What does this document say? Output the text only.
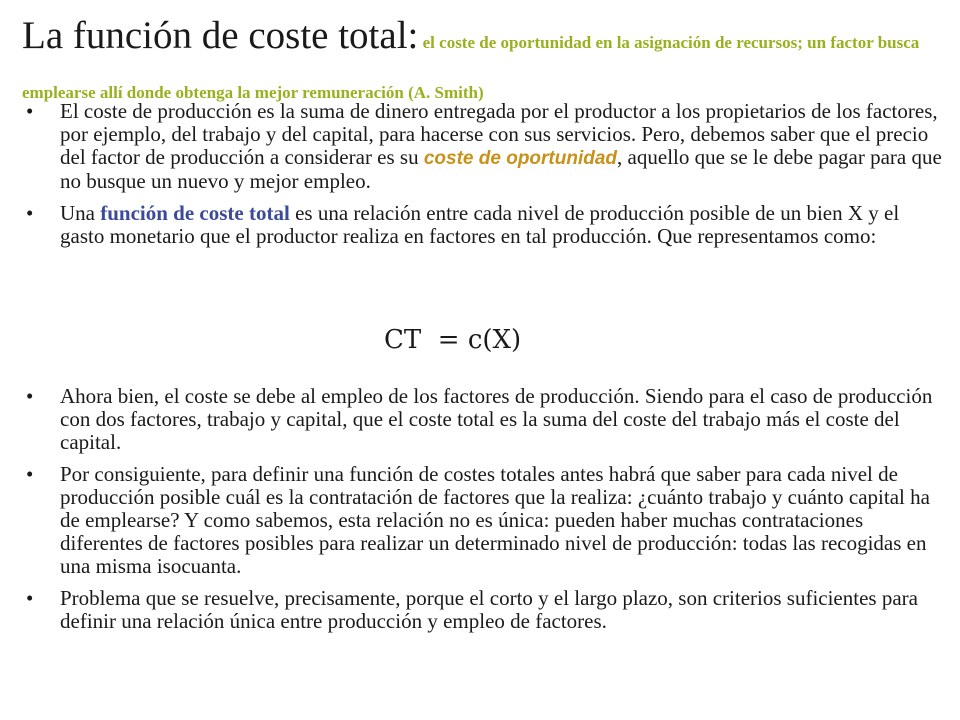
La función de coste total: el coste de oportunidad en la asignación de recursos; un factor busca emplearse allí donde obtenga la mejor remuneración (A. Smith)
• El coste de producción es la suma de dinero entregada por el productor a los propietarios de los factores, por ejemplo, del trabajo y del capital, para hacerse con sus servicios. Pero, debemos saber que el precio del factor de producción a considerar es su coste de oportunidad, aquello que se le debe pagar para que no busque un nuevo y mejor empleo.
• Una función de coste total es una relación entre cada nivel de producción posible de un bien X y el gasto monetario que el productor realiza en factores en tal producción. Que representamos como:
CT  = c(X)
• Ahora bien, el coste se debe al empleo de los factores de producción. Siendo para el caso de producción con dos factores, trabajo y capital, que el coste total es la suma del coste del trabajo más el coste del capital.
• Por consiguiente, para definir una función de costes totales antes habrá que saber para cada nivel de producción posible cuál es la contratación de factores que la realiza: ¿cuánto trabajo y cuánto capital ha de emplearse? Y como sabemos, esta relación no es única: pueden haber muchas contrataciones diferentes de factores posibles para realizar un determinado nivel de producción: todas las recogidas en una misma isocuanta.
• Problema que se resuelve, precisamente, porque el corto y el largo plazo, son criterios suficientes para definir una relación única entre producción y empleo de factores.
